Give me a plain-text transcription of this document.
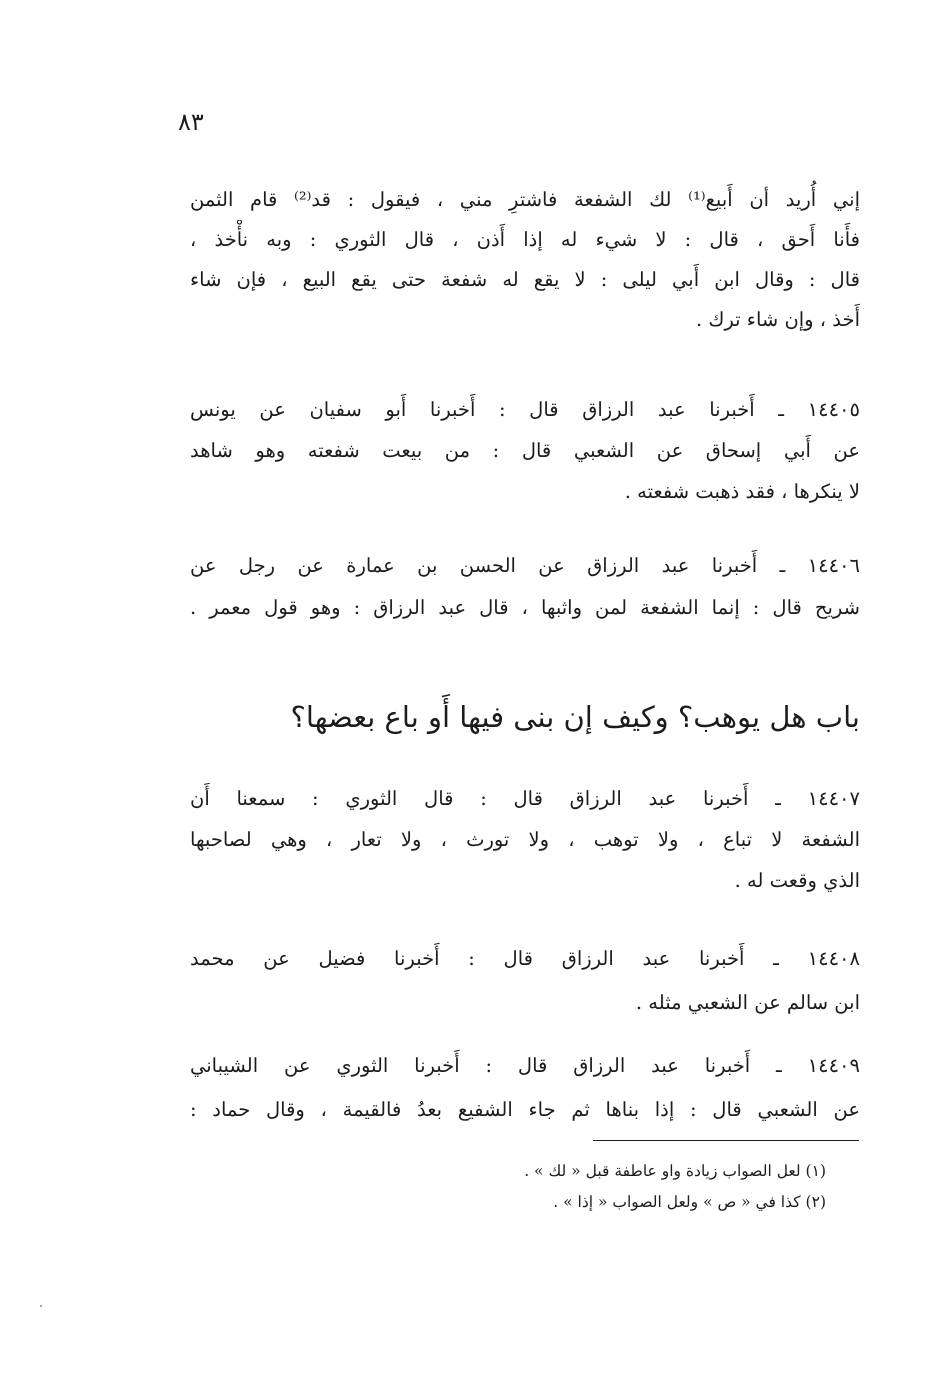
٨٣
إني أُريد أن أَبيع⁽¹⁾ لك الشفعة فاشترِ مني ، فيقول : قد⁽²⁾ قام الثمن
فأَنا أَحق ، قال : لا شيء له إذا أَذن ، قال الثوري : وبه نأْخذ ،
قال : وقال ابن أَبي ليلى : لا يقع له شفعة حتى يقع البيع ، فإن شاء
أَخذ ، وإن شاء ترك .
١٤٤٠٥ ـ أَخبرنا عبد الرزاق قال : أَخبرنا أَبو سفيان عن يونس
عن أَبي إسحاق عن الشعبي قال : من بيعت شفعته وهو شاهد
لا ينكرها ، فقد ذهبت شفعته .
١٤٤٠٦ ـ أَخبرنا عبد الرزاق عن الحسن بن عمارة عن رجل عن
شريح قال : إنما الشفعة لمن واثبها ، قال عبد الرزاق : وهو قول معمر .
باب هل يوهب؟ وكيف إن بنى فيها أَو باع بعضها؟
١٤٤٠٧ ـ أَخبرنا عبد الرزاق قال : قال الثوري : سمعنا أَن
الشفعة لا تباع ، ولا توهب ، ولا تورث ، ولا تعار ، وهي لصاحبها
الذي وقعت له .
١٤٤٠٨ ـ أَخبرنا عبد الرزاق قال : أَخبرنا فضيل عن محمد
ابن سالم عن الشعبي مثله .
١٤٤٠٩ ـ أَخبرنا عبد الرزاق قال : أَخبرنا الثوري عن الشيباني
عن الشعبي قال : إذا بناها ثم جاء الشفيع بعدُ فالقيمة ، وقال حماد :
(١) لعل الصواب زيادة واو عاطفة قبل « لك » .
(٢) كذا في « ص » ولعل الصواب « إذا » .
